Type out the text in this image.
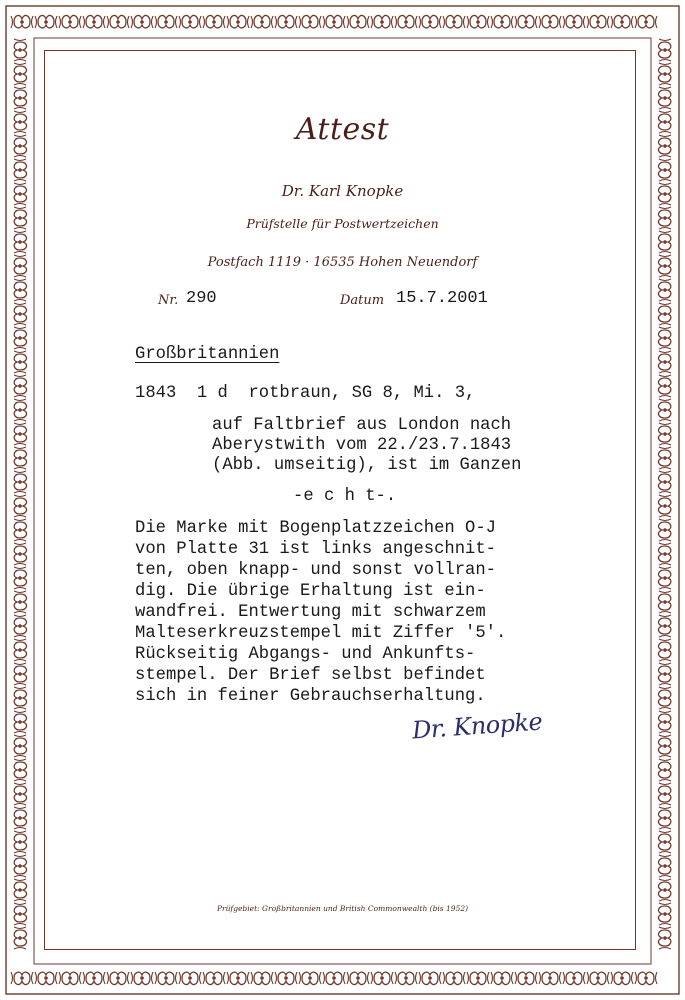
Attest
Dr. Karl Knopke
Prüfstelle für Postwertzeichen
Postfach 1119 · 16535 Hohen Neuendorf
Nr. 290	Datum 15.7.2001
Großbritannien
1843  1 d  rotbraun, SG 8, Mi. 3,
auf Faltbrief aus London nach
Aberystwith vom 22./23.7.1843
(Abb. umseitig), ist im Ganzen
-e c h t-.
Die Marke mit Bogenplatzzeichen O-J
von Platte 31 ist links angeschnit-
ten, oben knapp- und sonst vollran-
dig. Die übrige Erhaltung ist ein-
wandfrei. Entwertung mit schwarzem
Malteserkreuzstempel mit Ziffer '5'.
Rückseitig Abgangs- und Ankunfts-
stempel. Der Brief selbst befindet
sich in feiner Gebrauchserhaltung.
Dr. Knopke
Prüfgebiet: Großbritannien und British Commonwealth (bis 1952)
